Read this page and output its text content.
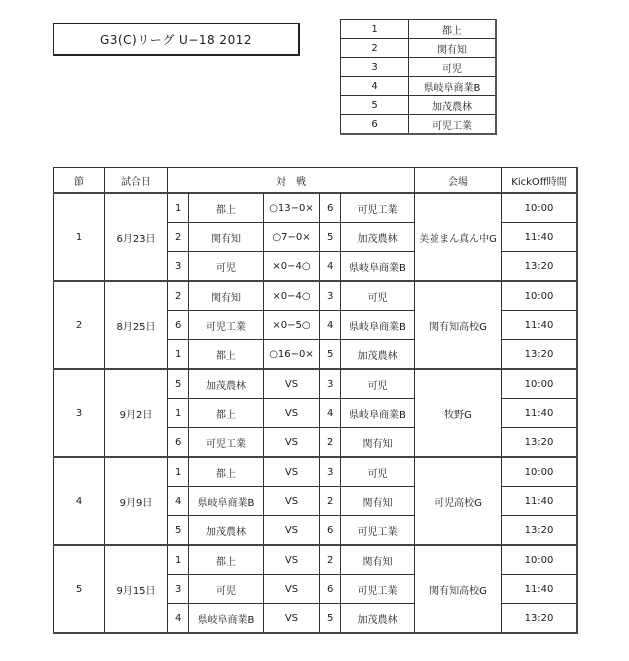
G3(C)リーグ U−18 2012
1	都上
2	関有知
3	可児
4	県岐阜商業B
5	加茂農林
6	可児工業
節	試合日	対　戦					会場	KickOff時間
1	6月23日	1	都上	○13−0×	6	可児工業	美並まん真ん中G	10:00
		2	関有知	○7−0×	5	加茂農林		11:40
		3	可児	×0−4○	4	県岐阜商業B		13:20
2	8月25日	2	関有知	×0−4○	3	可児	関有知高校G	10:00
		6	可児工業	×0−5○	4	県岐阜商業B		11:40
		1	都上	○16−0×	5	加茂農林		13:20
3	9月2日	5	加茂農林	VS	3	可児	牧野G	10:00
		1	都上	VS	4	県岐阜商業B		11:40
		6	可児工業	VS	2	関有知		13:20
4	9月9日	1	都上	VS	3	可児	可児高校G	10:00
		4	県岐阜商業B	VS	2	関有知		11:40
		5	加茂農林	VS	6	可児工業		13:20
5	9月15日	1	都上	VS	2	関有知	関有知高校G	10:00
		3	可児	VS	6	可児工業		11:40
		4	県岐阜商業B	VS	5	加茂農林		13:20
